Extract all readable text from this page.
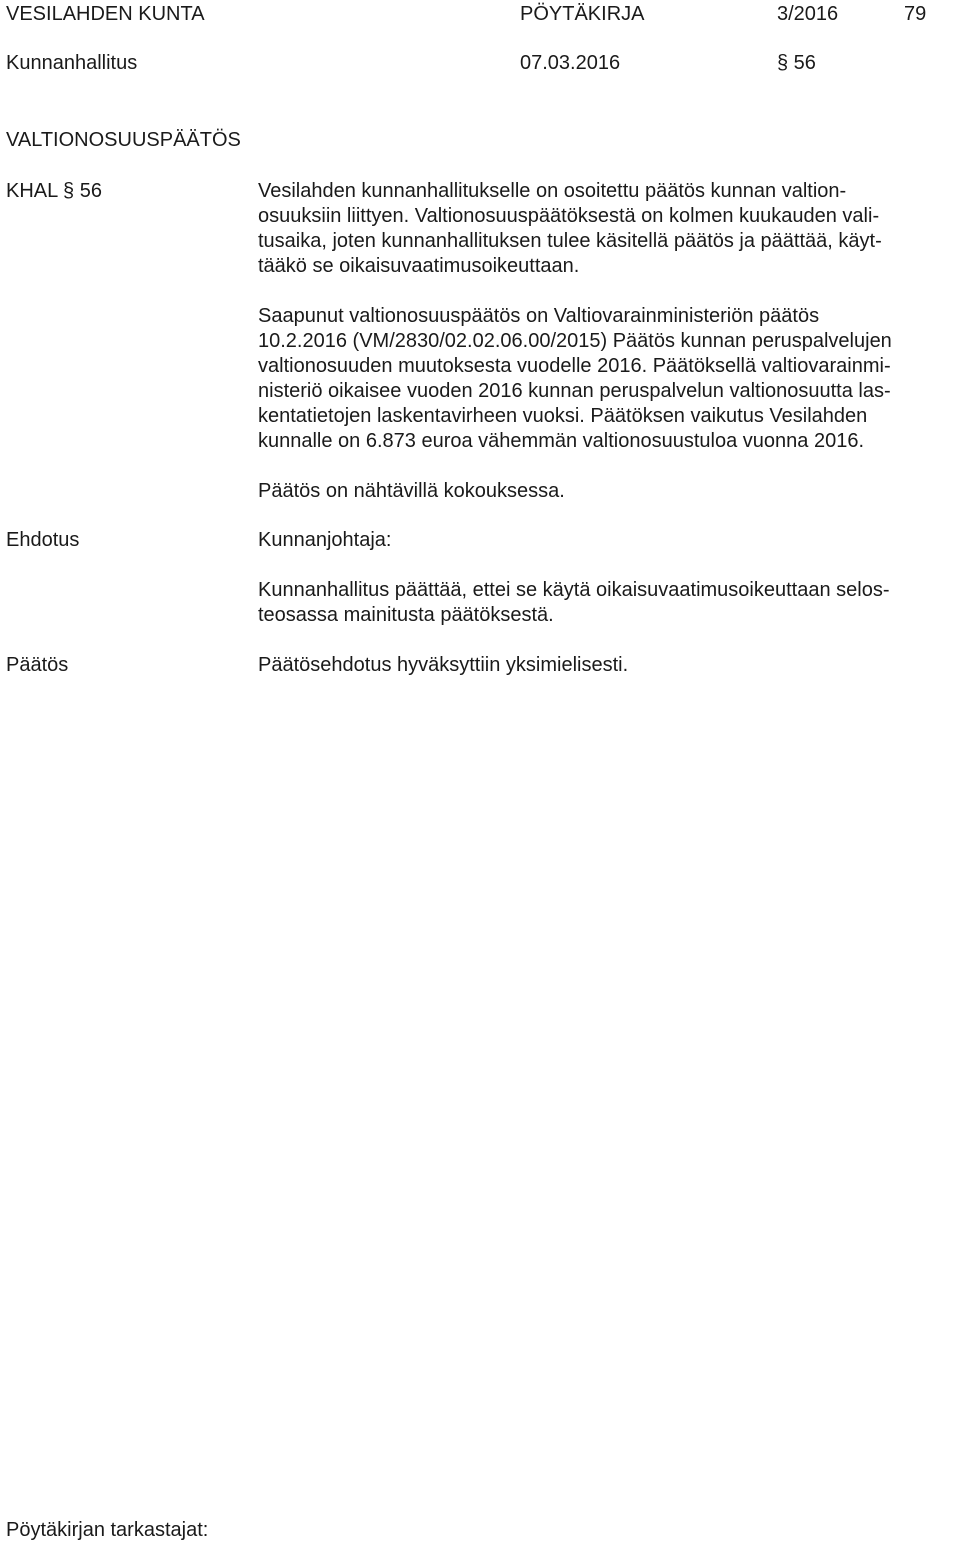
VESILAHDEN KUNTA	PÖYTÄKIRJA	3/2016	79
Kunnanhallitus	07.03.2016	§ 56
VALTIONOSUUSPÄÄTÖS
KHAL § 56	Vesilahden kunnanhallitukselle on osoitettu päätös kunnan valtion-
osuuksiin liittyen. Valtionosuuspäätöksestä on kolmen kuukauden vali-
tusaika, joten kunnanhallituksen tulee käsitellä päätös ja päättää, käyt-
tääkö se oikaisuvaatimusoikeuttaan.
Saapunut valtionosuuspäätös on Valtiovarainministeriön päätös
10.2.2016 (VM/2830/02.02.06.00/2015) Päätös kunnan peruspalvelujen
valtionosuuden muutoksesta vuodelle 2016. Päätöksellä valtiovarainmi-
nisteriö oikaisee vuoden 2016 kunnan peruspalvelun valtionosuutta las-
kentatietojen laskentavirheen vuoksi. Päätöksen vaikutus Vesilahden
kunnalle on 6.873 euroa vähemmän valtionosuustuloa vuonna 2016.
Päätös on nähtävillä kokouksessa.
Ehdotus	Kunnanjohtaja:
Kunnanhallitus päättää, ettei se käytä oikaisuvaatimusoikeuttaan selos-
teosassa mainitusta päätöksestä.
Päätös	Päätösehdotus hyväksyttiin yksimielisesti.
Pöytäkirjan tarkastajat:
